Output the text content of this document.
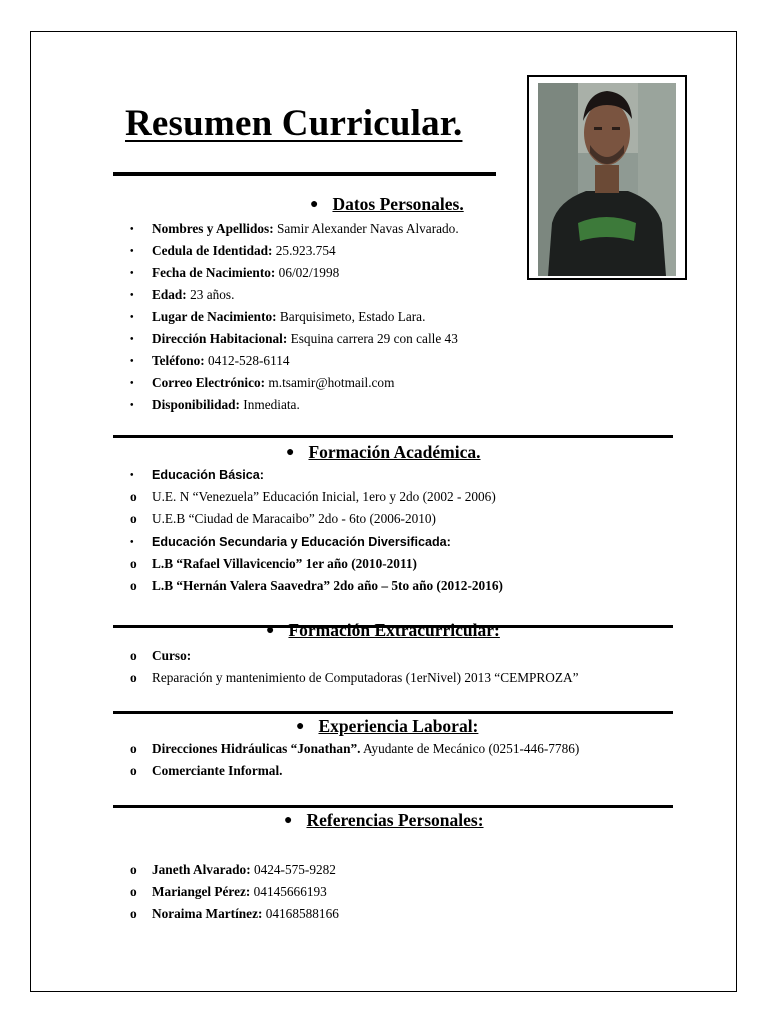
Resumen Curricular.
● Datos Personales.
• Nombres y Apellidos: Samir Alexander Navas Alvarado.
• Cedula de Identidad: 25.923.754
• Fecha de Nacimiento: 06/02/1998
• Edad: 23 años.
• Lugar de Nacimiento: Barquisimeto, Estado Lara.
• Dirección Habitacional: Esquina carrera 29 con calle 43
• Teléfono: 0412-528-6114
• Correo Electrónico: m.tsamir@hotmail.com
• Disponibilidad: Inmediata.
● Formación Académica.
• Educación Básica:
o U.E. N “Venezuela” Educación Inicial, 1ero y 2do (2002 - 2006)
o U.E.B “Ciudad de Maracaibo” 2do - 6to (2006-2010)
• Educación Secundaria y Educación Diversificada:
o L.B “Rafael Villavicencio” 1er año (2010-2011)
o L.B “Hernán Valera Saavedra” 2do año – 5to año (2012-2016)
● Formación Extracurricular:
o Curso:
o Reparación y mantenimiento de Computadoras (1erNivel) 2013 “CEMPROZA”
● Experiencia Laboral:
o Direcciones Hidráulicas “Jonathan”. Ayudante de Mecánico (0251-446-7786)
o Comerciante Informal.
● Referencias Personales:
o Janeth Alvarado: 0424-575-9282
o Mariangel Pérez: 04145666193
o Noraima Martínez: 04168588166
